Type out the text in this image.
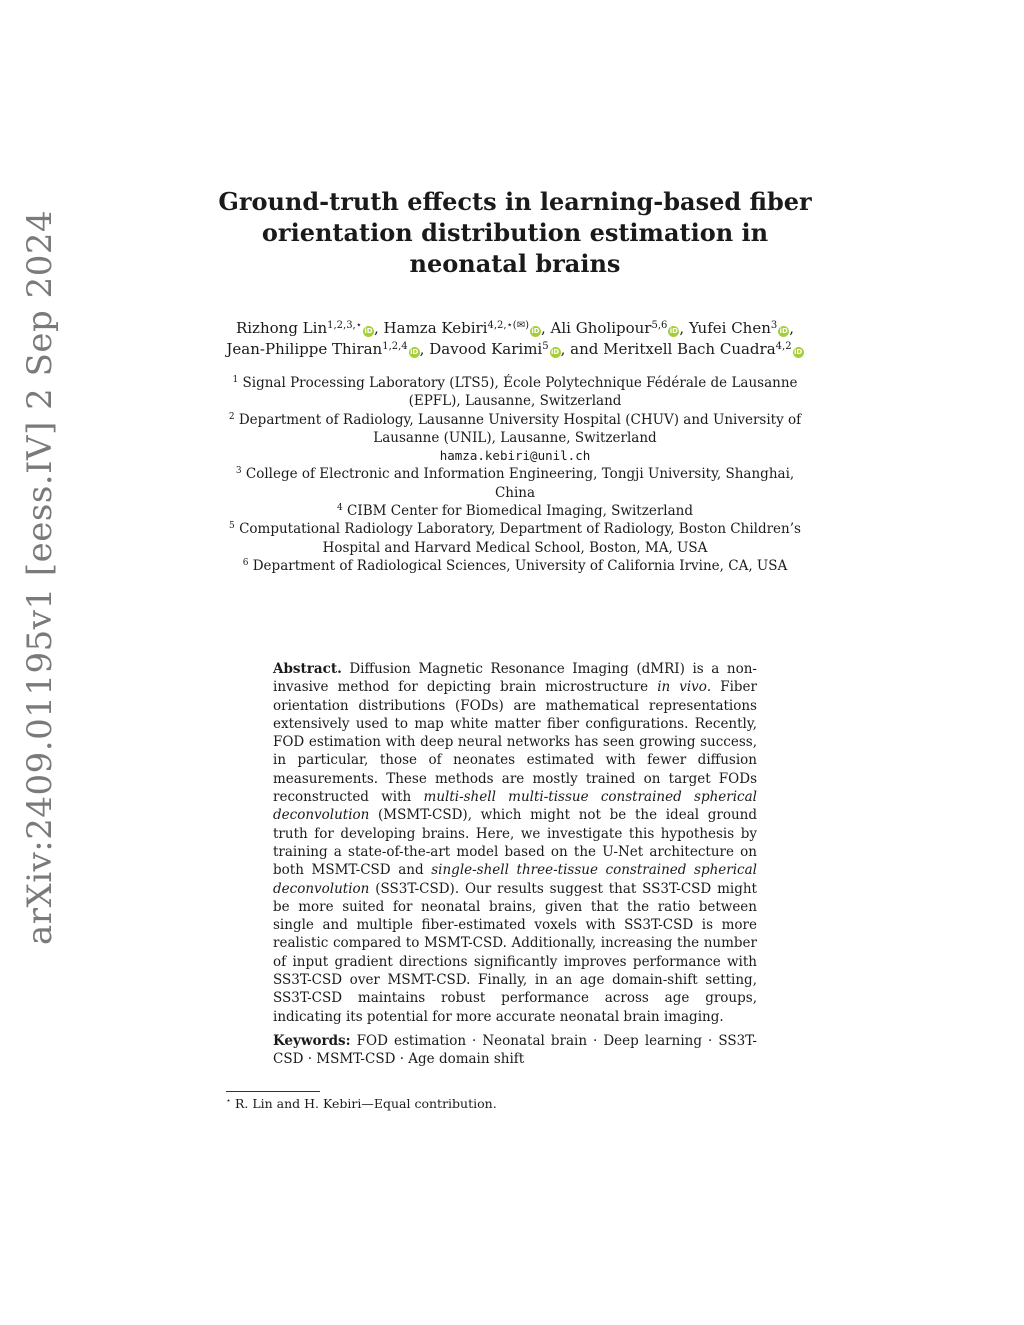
arXiv:2409.01195v1 [eess.IV] 2 Sep 2024
Ground-truth effects in learning-based fiber orientation distribution estimation in neonatal brains
Rizhong Lin$^{1,2,3,⋆}$ iD, Hamza Kebiri$^{4,2,⋆(✉)}$ iD, Ali Gholipour$^{5,6}$ iD, Yufei Chen$^3$ iD,
Jean-Philippe Thiran$^{1,2,4}$ iD, Davood Karimi$^5$ iD, and Meritxell Bach Cuadra$^{4,2}$ iD
$^1$ Signal Processing Laboratory (LTS5), École Polytechnique Fédérale de Lausanne (EPFL), Lausanne, Switzerland
$^2$ Department of Radiology, Lausanne University Hospital (CHUV) and University of Lausanne (UNIL), Lausanne, Switzerland
hamza.kebiri@unil.ch
$^3$ College of Electronic and Information Engineering, Tongji University, Shanghai, China
$^4$ CIBM Center for Biomedical Imaging, Switzerland
$^5$ Computational Radiology Laboratory, Department of Radiology, Boston Children’s Hospital and Harvard Medical School, Boston, MA, USA
$^6$ Department of Radiological Sciences, University of California Irvine, CA, USA
Abstract. Diffusion Magnetic Resonance Imaging (dMRI) is a non-invasive method for depicting brain microstructure in vivo. Fiber orientation distributions (FODs) are mathematical representations extensively used to map white matter fiber configurations. Recently, FOD estimation with deep neural networks has seen growing success, in particular, those of neonates estimated with fewer diffusion measurements. These methods are mostly trained on target FODs reconstructed with multi-shell multi-tissue constrained spherical deconvolution (MSMT-CSD), which might not be the ideal ground truth for developing brains. Here, we investigate this hypothesis by training a state-of-the-art model based on the U-Net architecture on both MSMT-CSD and single-shell three-tissue constrained spherical deconvolution (SS3T-CSD). Our results suggest that SS3T-CSD might be more suited for neonatal brains, given that the ratio between single and multiple fiber-estimated voxels with SS3T-CSD is more realistic compared to MSMT-CSD. Additionally, increasing the number of input gradient directions significantly improves performance with SS3T-CSD over MSMT-CSD. Finally, in an age domain-shift setting, SS3T-CSD maintains robust performance across age groups, indicating its potential for more accurate neonatal brain imaging.
Keywords: FOD estimation · Neonatal brain · Deep learning · SS3T-CSD · MSMT-CSD · Age domain shift
⋆ R. Lin and H. Kebiri—Equal contribution.
